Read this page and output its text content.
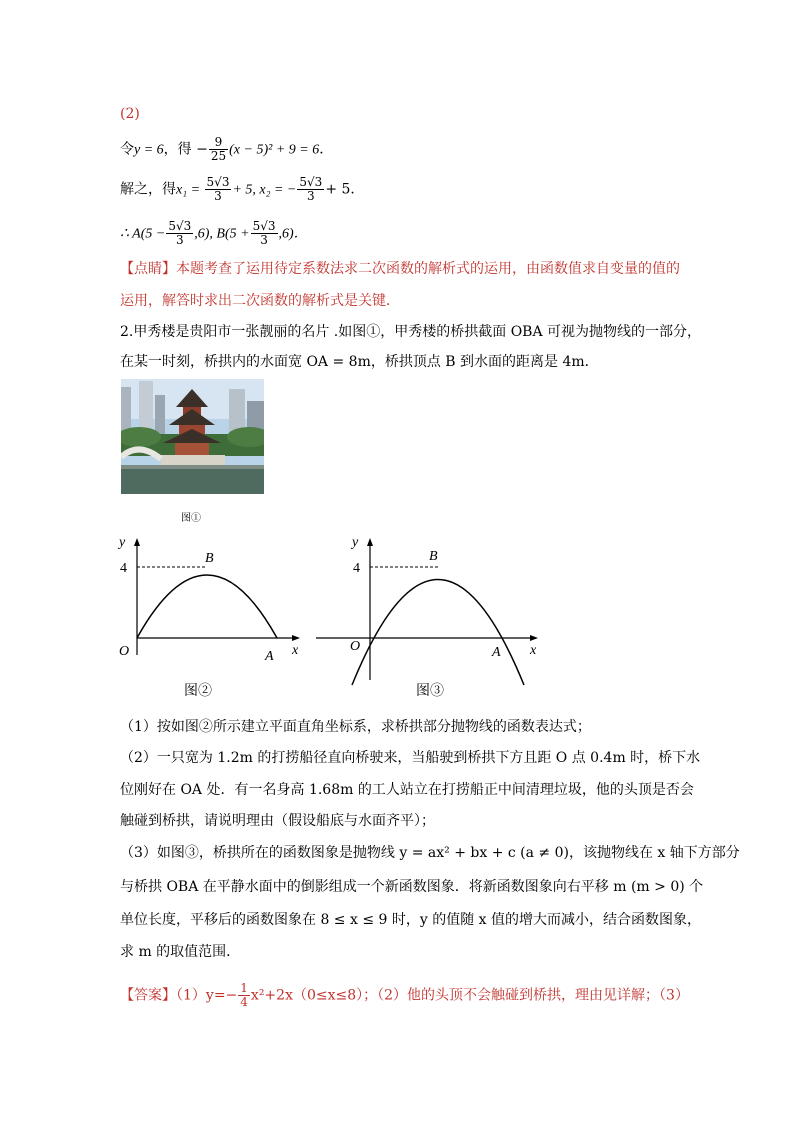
(2)
令y = 6，得 − $\frac{9}{25} (x - 5)^2 + 9 = 6$．
解之，得$x_1 = \frac{5√3}{3} + 5$, x₂ = − $\frac{5√3}{3} + 5$．
∴ $A(5 - \frac{5√3}{3} ,6)$, $B(5 + \frac{5√3}{3} ,6)$．
【点睛】本题考查了运用待定系数法求二次函数的解析式的运用，由函数值求自变量的值的
运用，解答时求出二次函数的解析式是关键．
2.甲秀楼是贵阳市一张靓丽的名片 .如图①，甲秀楼的桥拱截面 OBA 可视为抛物线的一部分，
在某一时刻，桥拱内的水面宽 OA = 8m，桥拱顶点 B 到水面的距离是 4m．
图①
y
x
O	A
B
4
图②
y
x
O	A
B
4
图③
（1）按如图②所示建立平面直角坐标系，求桥拱部分抛物线的函数表达式；
（2）一只宽为 1.2m 的打捞船径直向桥驶来，当船驶到桥拱下方且距 O 点 0.4m 时，桥下水
位刚好在 OA 处．有一名身高 1.68m 的工人站立在打捞船正中间清理垃圾，他的头顶是否会
触碰到桥拱，请说明理由（假设船底与水面齐平）；
（3）如图③，桥拱所在的函数图象是抛物线 y = ax² + bx + c (a ≠ 0)，该抛物线在 x 轴下方部分
与桥拱 OBA 在平静水面中的倒影组成一个新函数图象．将新函数图象向右平移 m (m > 0) 个
单位长度，平移后的函数图象在 8 ≤ x ≤ 9 时，y 的值随 x 值的增大而减小，结合函数图象，
求 m 的取值范围．
【答案】$(1)y=- \frac{1}{4} x^2+2x(0\le x\le 8)$；（2）他的头顶不会触碰到桥拱，理由见详解；（3）
